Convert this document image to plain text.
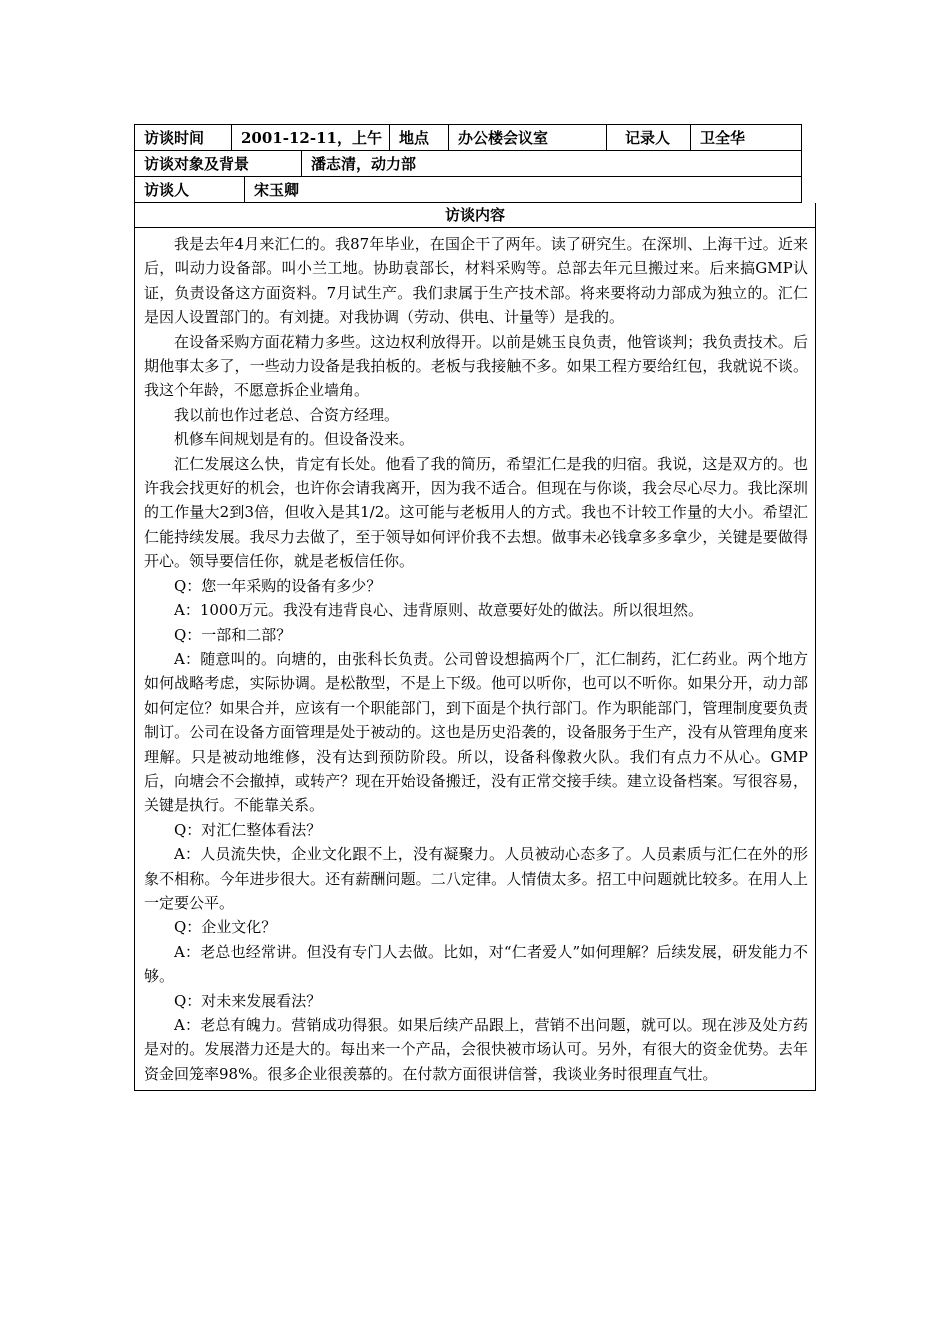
访谈时间	2001-12-11，上午	地点	办公楼会议室	记录人	卫全华
访谈对象及背景	潘志清，动力部
访谈人	宋玉卿
访谈内容

我是去年4月来汇仁的。我87年毕业，在国企干了两年。读了研究生。在深圳、上海干过。近来后，叫动力设备部。叫小兰工地。协助袁部长，材料采购等。总部去年元旦搬过来。后来搞GMP认证，负责设备这方面资料。7月试生产。我们隶属于生产技术部。将来要将动力部成为独立的。汇仁是因人设置部门的。有刘捷。对我协调（劳动、供电、计量等）是我的。

在设备采购方面花精力多些。这边权利放得开。以前是姚玉良负责，他管谈判；我负责技术。后期他事太多了，一些动力设备是我拍板的。老板与我接触不多。如果工程方要给红包，我就说不谈。我这个年龄，不愿意拆企业墙角。

我以前也作过老总、合资方经理。

机修车间规划是有的。但设备没来。

汇仁发展这么快，肯定有长处。他看了我的简历，希望汇仁是我的归宿。我说，这是双方的。也许我会找更好的机会，也许你会请我离开，因为我不适合。但现在与你谈，我会尽心尽力。我比深圳的工作量大2到3倍，但收入是其1/2。这可能与老板用人的方式。我也不计较工作量的大小。希望汇仁能持续发展。我尽力去做了，至于领导如何评价我不去想。做事未必钱拿多多拿少，关键是要做得开心。领导要信任你，就是老板信任你。

Q：您一年采购的设备有多少？

A：1000万元。我没有违背良心、违背原则、故意要好处的做法。所以很坦然。

Q：一部和二部？

A：随意叫的。向塘的，由张科长负责。公司曾设想搞两个厂，汇仁制药，汇仁药业。两个地方如何战略考虑，实际协调。是松散型，不是上下级。他可以听你，也可以不听你。如果分开，动力部如何定位？如果合并，应该有一个职能部门，到下面是个执行部门。作为职能部门，管理制度要负责制订。公司在设备方面管理是处于被动的。这也是历史沿袭的，设备服务于生产，没有从管理角度来理解。只是被动地维修，没有达到预防阶段。所以，设备科像救火队。我们有点力不从心。GMP后，向塘会不会撤掉，或转产？现在开始设备搬迁，没有正常交接手续。建立设备档案。写很容易，关键是执行。不能靠关系。

Q：对汇仁整体看法？

A：人员流失快，企业文化跟不上，没有凝聚力。人员被动心态多了。人员素质与汇仁在外的形象不相称。今年进步很大。还有薪酬问题。二八定律。人情债太多。招工中问题就比较多。在用人上一定要公平。

Q：企业文化？

A：老总也经常讲。但没有专门人去做。比如，对“仁者爱人”如何理解？后续发展，研发能力不够。

Q：对未来发展看法？

A：老总有魄力。营销成功得狠。如果后续产品跟上，营销不出问题，就可以。现在涉及处方药是对的。发展潜力还是大的。每出来一个产品，会很快被市场认可。另外，有很大的资金优势。去年资金回笼率98%。很多企业很羡慕的。在付款方面很讲信誉，我谈业务时很理直气壮。
